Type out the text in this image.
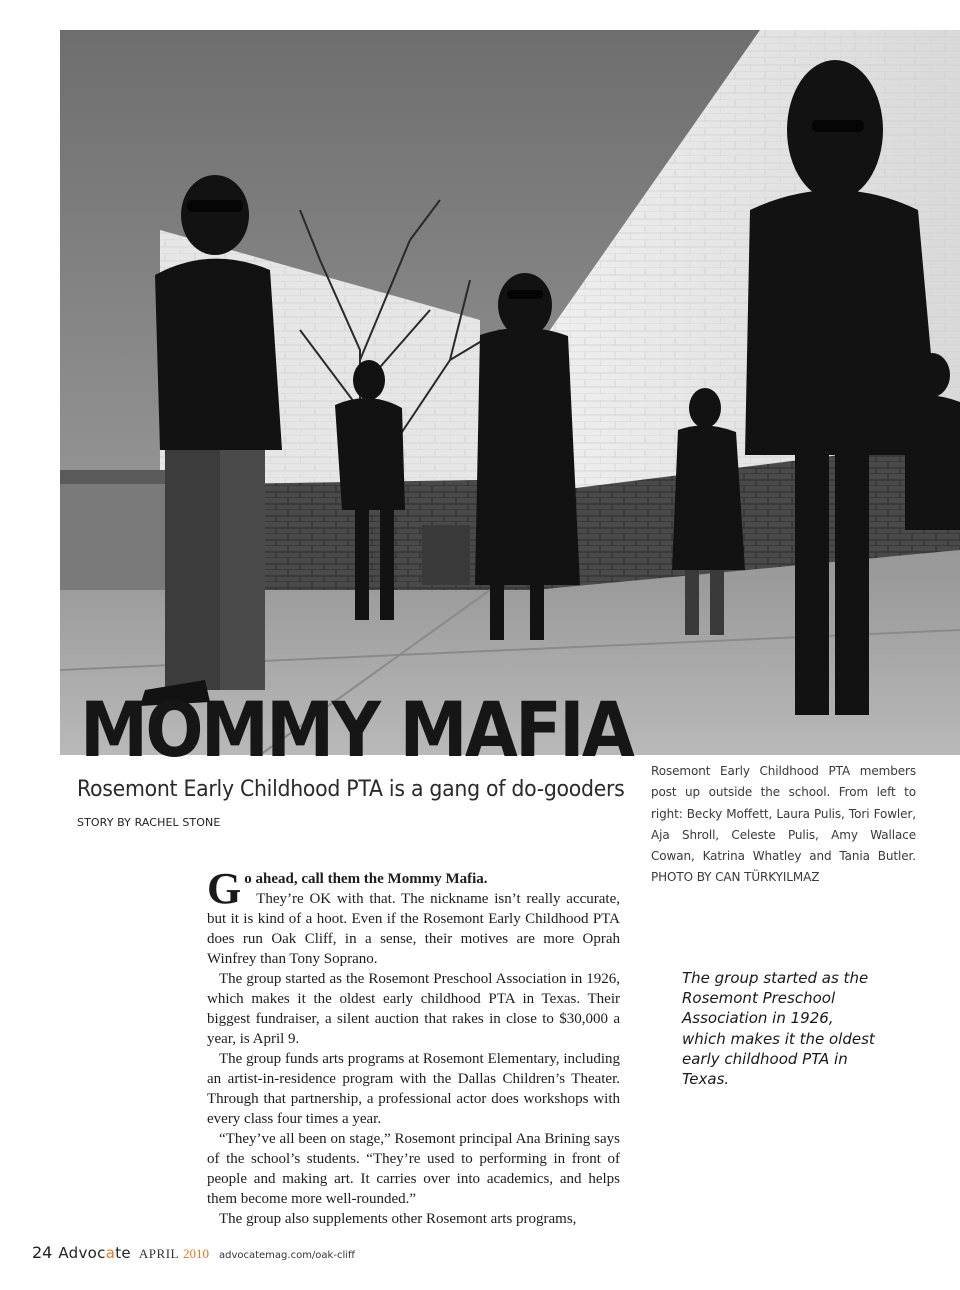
MOMMY MAFIA

Rosemont Early Childhood PTA is a gang of do-gooders

STORY BY RACHEL STONE

Rosemont Early Childhood PTA members post up outside the school. From left to right: Becky Moffett, Laura Pulis, Tori Fowler, Aja Shroll, Celeste Pulis, Amy Wallace Cowan, Katrina Whatley and Tania Butler. PHOTO BY CAN TÜRKYILMAZ

Go ahead, call them the Mommy Mafia.
They’re OK with that. The nickname isn’t really accurate, but it is kind of a hoot. Even if the Rosemont Early Childhood PTA does run Oak Cliff, in a sense, their motives are more Oprah Winfrey than Tony Soprano.

The group started as the Rosemont Preschool Association in 1926, which makes it the oldest early childhood PTA in Texas. Their biggest fundraiser, a silent auction that rakes in close to $30,000 a year, is April 9.

The group funds arts programs at Rosemont Elementary, including an artist-in-residence program with the Dallas Children’s Theater. Through that partnership, a professional actor does workshops with every class four times a year.

“They’ve all been on stage,” Rosemont principal Ana Brining says of the school’s students. “They’re used to performing in front of people and making art. It carries over into academics, and helps them become more well-rounded.”

The group also supplements other Rosemont arts programs,

The group started as the Rosemont Preschool Association in 1926, which makes it the oldest early childhood PTA in Texas.

24 Advocate APRIL 2010 advocatemag.com/oak-cliff
